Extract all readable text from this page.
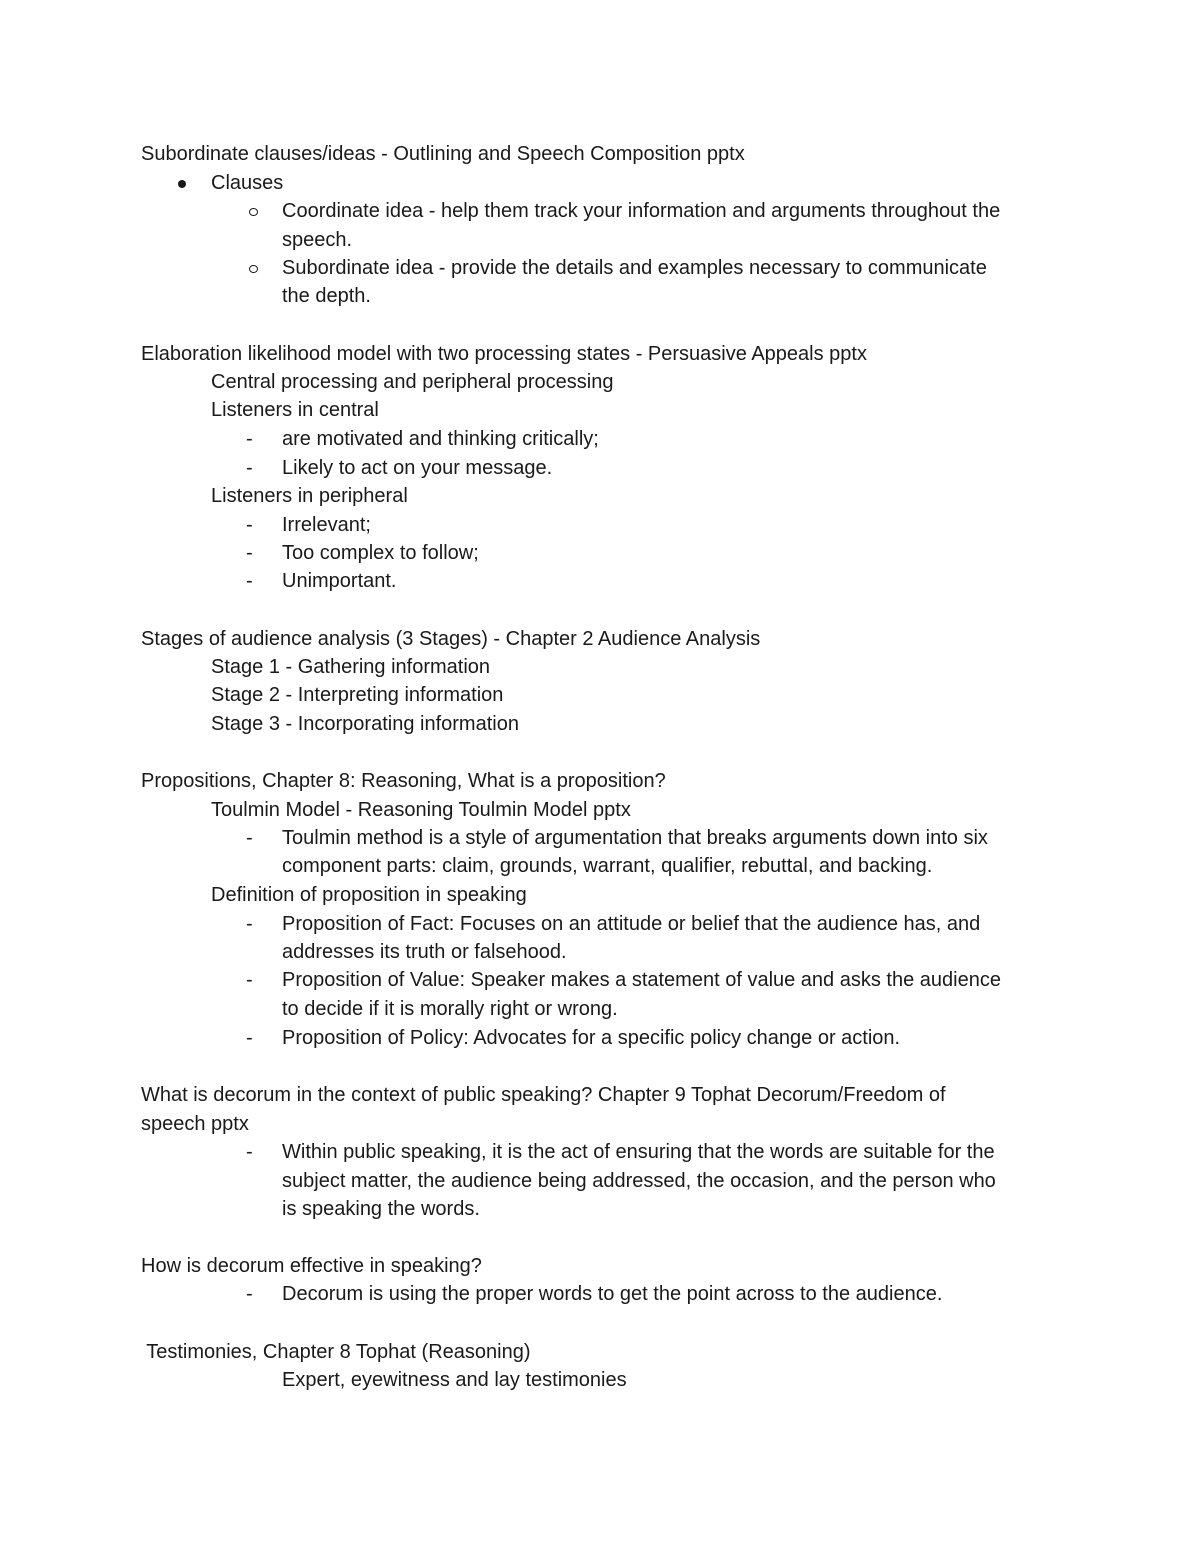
Subordinate clauses/ideas - Outlining and Speech Composition pptx
Clauses
Coordinate idea - help them track your information and arguments throughout the
speech.
Subordinate idea - provide the details and examples necessary to communicate
the depth.
Elaboration likelihood model with two processing states - Persuasive Appeals pptx
Central processing and peripheral processing
Listeners in central
- are motivated and thinking critically;
- Likely to act on your message.
Listeners in peripheral
- Irrelevant;
- Too complex to follow;
- Unimportant.
Stages of audience analysis (3 Stages) - Chapter 2 Audience Analysis
Stage 1 - Gathering information
Stage 2 - Interpreting information
Stage 3 - Incorporating information
Propositions, Chapter 8: Reasoning, What is a proposition?
Toulmin Model - Reasoning Toulmin Model pptx
- Toulmin method is a style of argumentation that breaks arguments down into six
component parts: claim, grounds, warrant, qualifier, rebuttal, and backing.
Definition of proposition in speaking
- Proposition of Fact: Focuses on an attitude or belief that the audience has, and
addresses its truth or falsehood.
- Proposition of Value: Speaker makes a statement of value and asks the audience
to decide if it is morally right or wrong.
- Proposition of Policy: Advocates for a specific policy change or action.
What is decorum in the context of public speaking? Chapter 9 Tophat Decorum/Freedom of
speech pptx
- Within public speaking, it is the act of ensuring that the words are suitable for the
subject matter, the audience being addressed, the occasion, and the person who
is speaking the words.
How is decorum effective in speaking?
- Decorum is using the proper words to get the point across to the audience.
Testimonies, Chapter 8 Tophat (Reasoning)
Expert, eyewitness and lay testimonies
